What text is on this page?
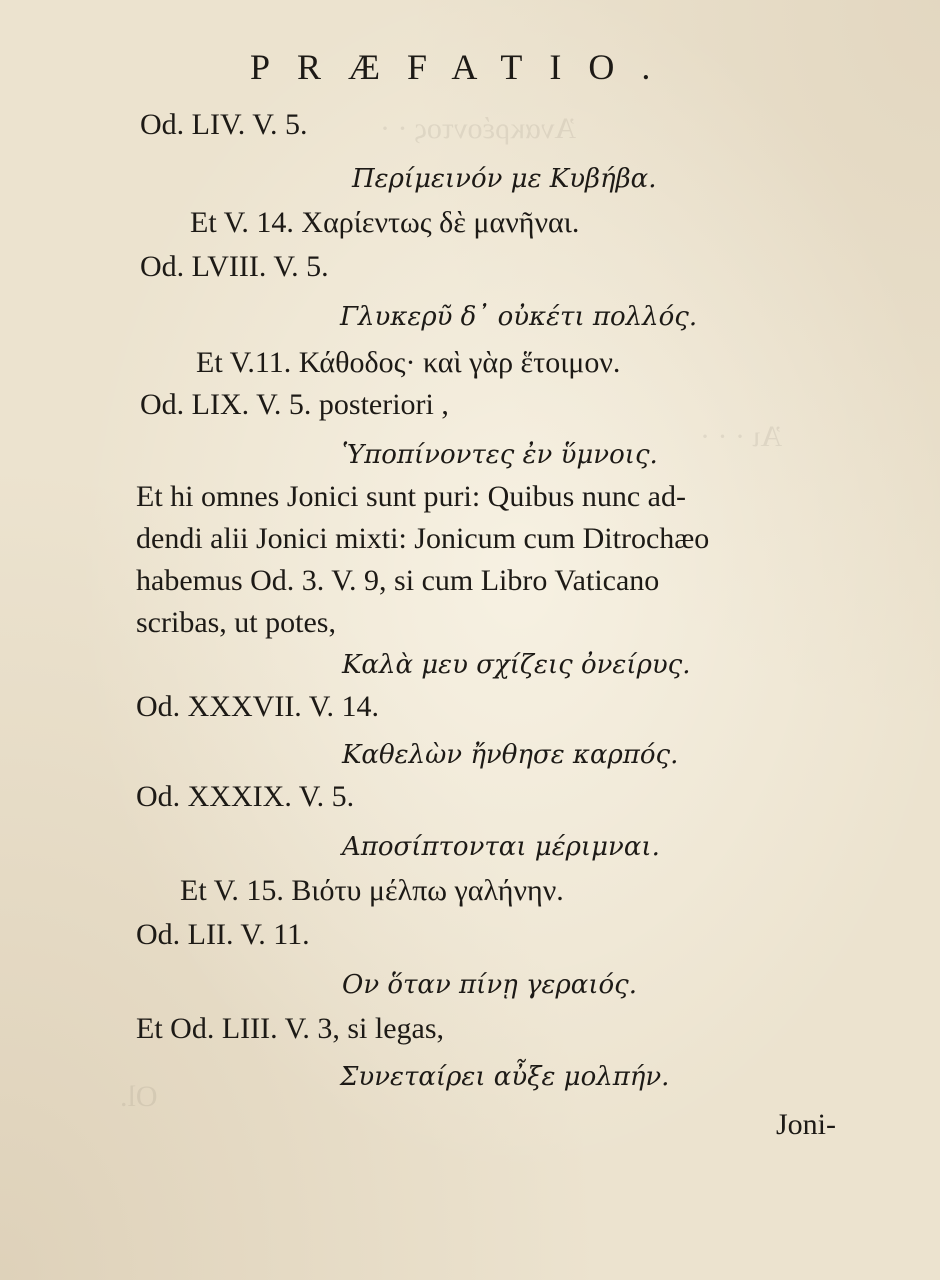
Ἀνακρέοντος · ·
Ἀι · · ·
Ol.
PRÆFATIO.
Od. LIV. V. 5.
Περίμεινόν με Κυβήβα.
Et V. 14. Χαρίεντως δὲ μανῆναι.
Od. LVIII. V. 5.
Γλυκερῦ δ᾽ οὐκέτι πολλός.
Et V.11. Κάθοδος· καὶ γὰρ ἕτοιμον.
Od. LIX. V. 5. posteriori ,
Ὑποπίνοντες ἐν ὕμνοις.
Et hi omnes Jonici sunt puri: Quibus nunc ad-
dendi alii Jonici mixti: Jonicum cum Ditrochæo
habemus Od. 3. V. 9, si cum Libro Vaticano
scribas, ut potes,
Καλὰ μευ σχίζεις ὀνείρυς.
Od. XXXVII. V. 14.
Καθελὼν ἤνθησε καρπός.
Od. XXXIX. V. 5.
Αποσίπτονται μέριμναι.
Et V. 15. Βιότυ μέλπω γαλήνην.
Od. LII. V. 11.
Ον ὅταν πίνῃ γεραιός.
Et Od. LIII. V. 3, si legas,
Συνεταίρει αὖξε μολπήν.
Joni-
